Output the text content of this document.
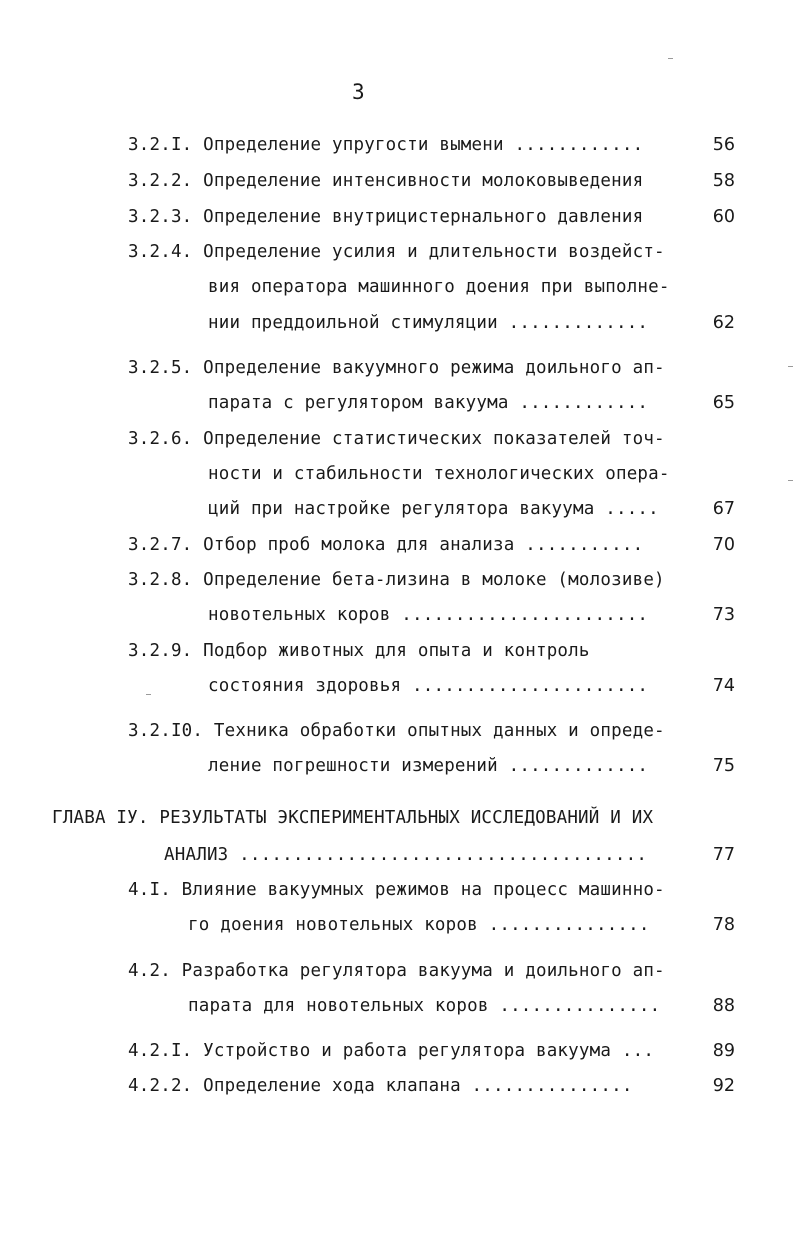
3
3.2.I. Определение упругости вымени ............	56
3.2.2. Определение интенсивности молоковыведения	58
3.2.3. Определение внутрицистернального давления	60
3.2.4. Определение усилия и длительности воздейст-
вия оператора машинного доения при выполне-
нии преддоильной стимуляции .............	62
3.2.5. Определение вакуумного режима доильного ап-
парата с регулятором вакуума ............	65
3.2.6. Определение статистических показателей точ-
ности и стабильности технологических опера-
ций при настройке регулятора вакуума .....	67
3.2.7. Отбор проб молока для анализа ...........	70
3.2.8. Определение бета-лизина в молоке (молозиве)
новотельных коров .......................	73
3.2.9. Подбор животных для опыта и контроль
состояния здоровья ......................	74
3.2.I0. Техника обработки опытных данных и опреде-
ление погрешности измерений .............	75
ГЛАВА IУ. РЕЗУЛЬТАТЫ ЭКСПЕРИМЕНТАЛЬНЫХ ИССЛЕДОВАНИЙ И ИХ
АНАЛИЗ ......................................	77
4.I. Влияние вакуумных режимов на процесс машинно-
го доения новотельных коров ...............	78
4.2. Разработка регулятора вакуума и доильного ап-
парата для новотельных коров ...............	88
4.2.I. Устройство и работа регулятора вакуума ...	89
4.2.2. Определение хода клапана ...............	92
